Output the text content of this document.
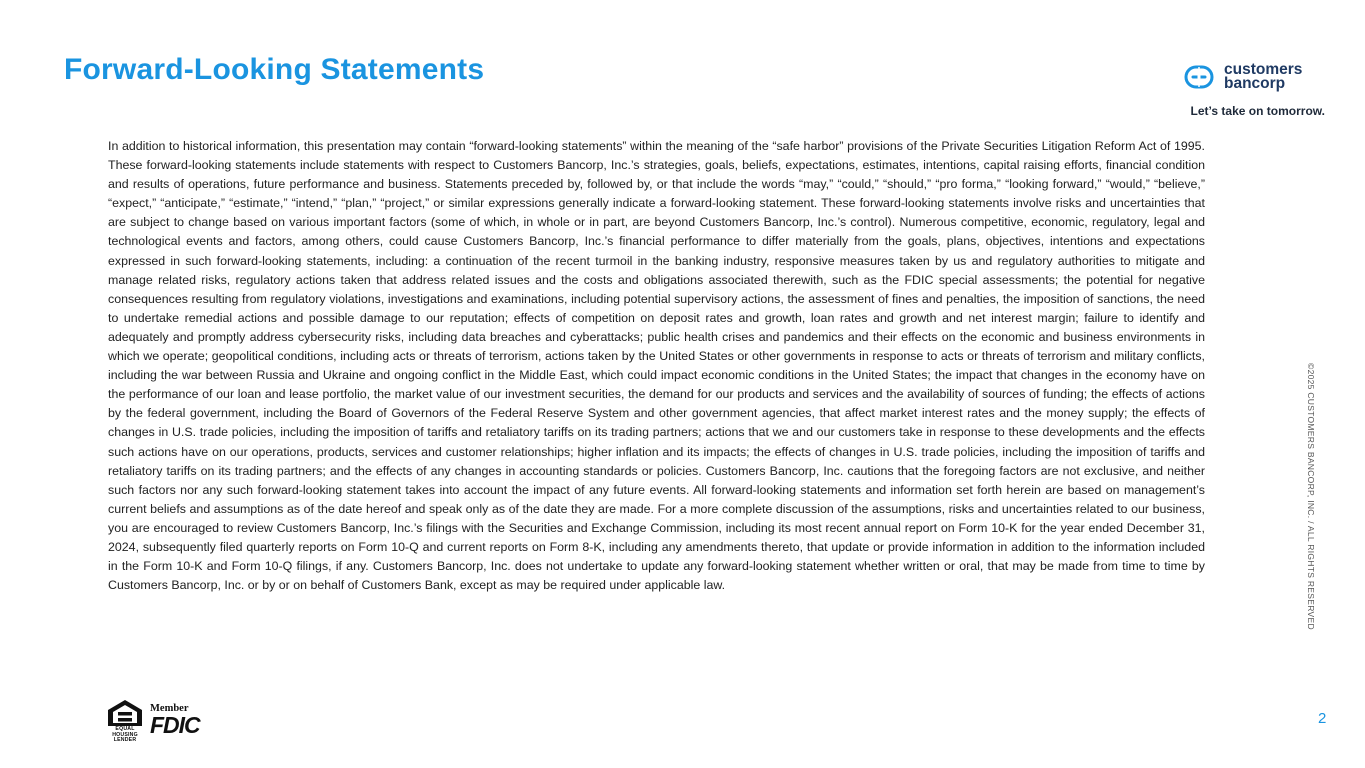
Forward-Looking Statements	customers
bancorp
Let’s take on tomorrow.

In addition to historical information, this presentation may contain “forward-looking statements” within the meaning of the “safe harbor” provisions of the Private Securities Litigation Reform Act of 1995. These forward-looking statements include statements with respect to Customers Bancorp, Inc.’s strategies, goals, beliefs, expectations, estimates, intentions, capital raising efforts, financial condition and results of operations, future performance and business. Statements preceded by, followed by, or that include the words “may,” “could,” “should,” “pro forma,” “looking forward,” “would,” “believe,” “expect,” “anticipate,” “estimate,” “intend,” “plan,” “project,” or similar expressions generally indicate a forward-looking statement. These forward-looking statements involve risks and uncertainties that are subject to change based on various important factors (some of which, in whole or in part, are beyond Customers Bancorp, Inc.’s control). Numerous competitive, economic, regulatory, legal and technological events and factors, among others, could cause Customers Bancorp, Inc.’s financial performance to differ materially from the goals, plans, objectives, intentions and expectations expressed in such forward-looking statements, including: a continuation of the recent turmoil in the banking industry, responsive measures taken by us and regulatory authorities to mitigate and manage related risks, regulatory actions taken that address related issues and the costs and obligations associated therewith, such as the FDIC special assessments; the potential for negative consequences resulting from regulatory violations, investigations and examinations, including potential supervisory actions, the assessment of fines and penalties, the imposition of sanctions, the need to undertake remedial actions and possible damage to our reputation; effects of competition on deposit rates and growth, loan rates and growth and net interest margin; failure to identify and adequately and promptly address cybersecurity risks, including data breaches and cyberattacks; public health crises and pandemics and their effects on the economic and business environments in which we operate; geopolitical conditions, including acts or threats of terrorism, actions taken by the United States or other governments in response to acts or threats of terrorism and military conflicts, including the war between Russia and Ukraine and ongoing conflict in the Middle East, which could impact economic conditions in the United States; the impact that changes in the economy have on the performance of our loan and lease portfolio, the market value of our investment securities, the demand for our products and services and the availability of sources of funding; the effects of actions by the federal government, including the Board of Governors of the Federal Reserve System and other government agencies, that affect market interest rates and the money supply; the effects of changes in U.S. trade policies, including the imposition of tariffs and retaliatory tariffs on its trading partners; actions that we and our customers take in response to these developments and the effects such actions have on our operations, products, services and customer relationships; higher inflation and its impacts; the effects of changes in U.S. trade policies, including the imposition of tariffs and retaliatory tariffs on its trading partners; and the effects of any changes in accounting standards or policies. Customers Bancorp, Inc. cautions that the foregoing factors are not exclusive, and neither such factors nor any such forward-looking statement takes into account the impact of any future events. All forward-looking statements and information set forth herein are based on management’s current beliefs and assumptions as of the date hereof and speak only as of the date they are made. For a more complete discussion of the assumptions, risks and uncertainties related to our business, you are encouraged to review Customers Bancorp, Inc.’s filings with the Securities and Exchange Commission, including its most recent annual report on Form 10-K for the year ended December 31, 2024, subsequently filed quarterly reports on Form 10-Q and current reports on Form 8-K, including any amendments thereto, that update or provide information in addition to the information included in the Form 10-K and Form 10-Q filings, if any. Customers Bancorp, Inc. does not undertake to update any forward-looking statement whether written or oral, that may be made from time to time by Customers Bancorp, Inc. or by or on behalf of Customers Bank, except as may be required under applicable law.	©2025 CUSTOMERS BANCORP, INC. / ALL RIGHTS RESERVED
2
EQUAL HOUSING
LENDER
Member
FDIC
